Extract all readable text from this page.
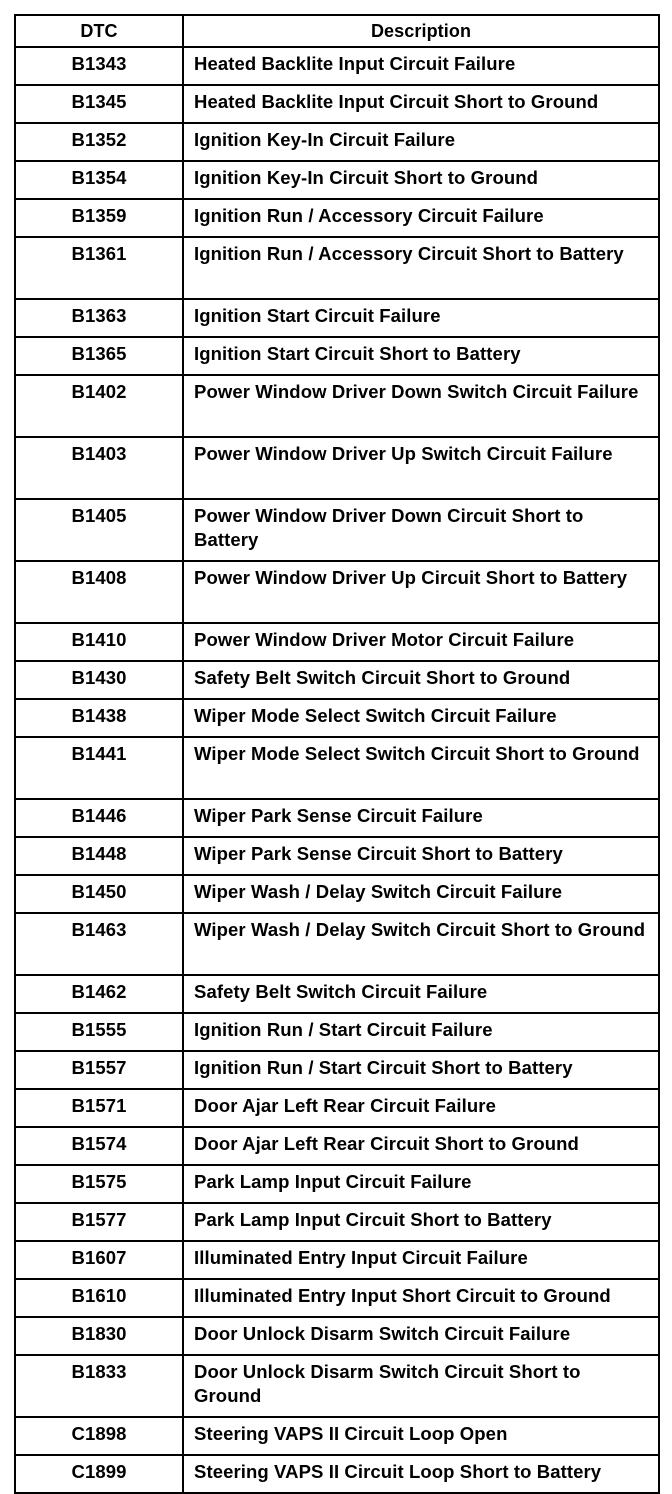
DTC	Description
B1343	Heated Backlite Input Circuit Failure
B1345	Heated Backlite Input Circuit Short to Ground
B1352	Ignition Key-In Circuit Failure
B1354	Ignition Key-In Circuit Short to Ground
B1359	Ignition Run / Accessory Circuit Failure
B1361	Ignition Run / Accessory Circuit Short to Battery
B1363	Ignition Start Circuit Failure
B1365	Ignition Start Circuit Short to Battery
B1402	Power Window Driver Down Switch Circuit Failure
B1403	Power Window Driver Up Switch Circuit Failure
B1405	Power Window Driver Down Circuit Short to Battery
B1408	Power Window Driver Up Circuit Short to Battery
B1410	Power Window Driver Motor Circuit Failure
B1430	Safety Belt Switch Circuit Short to Ground
B1438	Wiper Mode Select Switch Circuit Failure
B1441	Wiper Mode Select Switch Circuit Short to Ground
B1446	Wiper Park Sense Circuit Failure
B1448	Wiper Park Sense Circuit Short to Battery
B1450	Wiper Wash / Delay Switch Circuit Failure
B1463	Wiper Wash / Delay Switch Circuit Short to Ground
B1462	Safety Belt Switch Circuit Failure
B1555	Ignition Run / Start Circuit Failure
B1557	Ignition Run / Start Circuit Short to Battery
B1571	Door Ajar Left Rear Circuit Failure
B1574	Door Ajar Left Rear Circuit Short to Ground
B1575	Park Lamp Input Circuit Failure
B1577	Park Lamp Input Circuit Short to Battery
B1607	Illuminated Entry Input Circuit Failure
B1610	Illuminated Entry Input Short Circuit to Ground
B1830	Door Unlock Disarm Switch Circuit Failure
B1833	Door Unlock Disarm Switch Circuit Short to Ground
C1898	Steering VAPS II Circuit Loop Open
C1899	Steering VAPS II Circuit Loop Short to Battery
